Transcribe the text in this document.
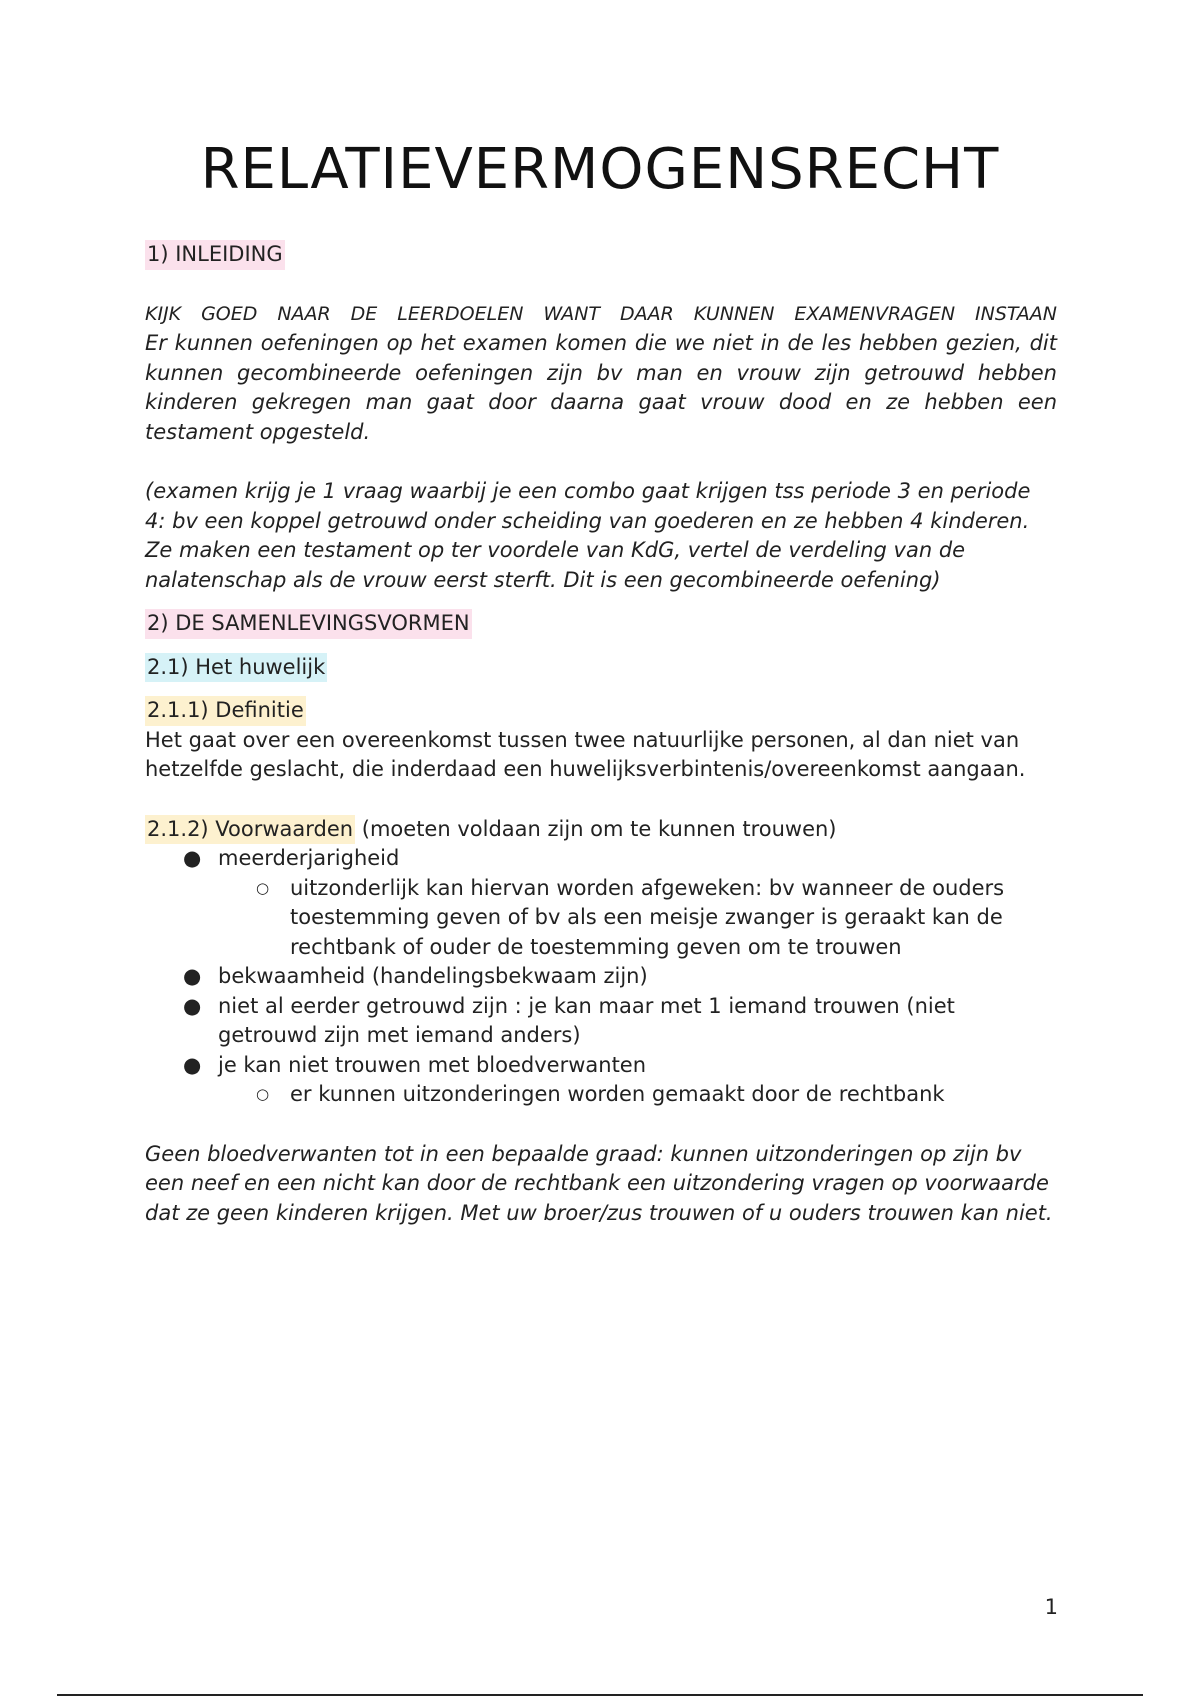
RELATIEVERMOGENSRECHT
1) INLEIDING

KIJK GOED NAAR DE LEERDOELEN WANT DAAR KUNNEN EXAMENVRAGEN INSTAAN

Er kunnen oefeningen op het examen komen die we niet in de les hebben gezien, dit kunnen gecombineerde oefeningen zijn bv man en vrouw zijn getrouwd hebben kinderen gekregen man gaat door daarna gaat vrouw dood en ze hebben een testament opgesteld.

(examen krijg je 1 vraag waarbij je een combo gaat krijgen tss periode 3 en periode 4: bv een koppel getrouwd onder scheiding van goederen en ze hebben 4 kinderen. Ze maken een testament op ter voordele van KdG, vertel de verdeling van de nalatenschap als de vrouw eerst sterft. Dit is een gecombineerde oefening)

2) DE SAMENLEVINGSVORMEN
2.1) Het huwelijk
2.1.1) Definitie

Het gaat over een overeenkomst tussen twee natuurlijke personen, al dan niet van hetzelfde geslacht, die inderdaad een huwelijksverbintenis/overeenkomst aangaan.

2.1.2) Voorwaarden (moeten voldaan zijn om te kunnen trouwen)
● meerderjarigheid
○ uitzonderlijk kan hiervan worden afgeweken: bv wanneer de ouders toestemming geven of bv als een meisje zwanger is geraakt kan de rechtbank of ouder de toestemming geven om te trouwen
● bekwaamheid (handelingsbekwaam zijn)
● niet al eerder getrouwd zijn : je kan maar met 1 iemand trouwen (niet getrouwd zijn met iemand anders)
● je kan niet trouwen met bloedverwanten
○ er kunnen uitzonderingen worden gemaakt door de rechtbank

Geen bloedverwanten tot in een bepaalde graad: kunnen uitzonderingen op zijn bv een neef en een nicht kan door de rechtbank een uitzondering vragen op voorwaarde dat ze geen kinderen krijgen. Met uw broer/zus trouwen of u ouders trouwen kan niet.

1
